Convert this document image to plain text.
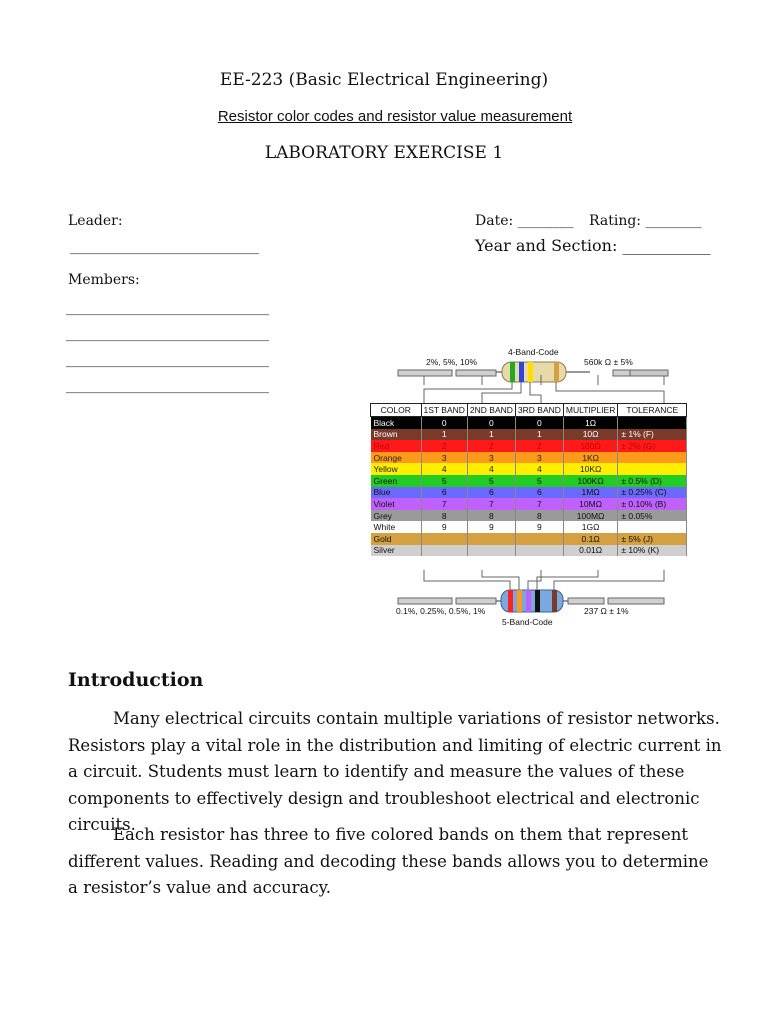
EE-223 (Basic Electrical Engineering)
Resistor color codes and resistor value measurement
LABORATORY EXERCISE 1
Leader:
___________________________
Date: ________ Rating: ________
Year and Section: ___________
Members:
_____________________________
_____________________________
_____________________________
_____________________________
4-Band-Code
2%, 5%, 10%	560k Ω ± 5%
COLOR	1ST BAND	2ND BAND	3RD BAND	MULTIPLIER	TOLERANCE
Black	0	0	0	1Ω	
Brown	1	1	1	10Ω	± 1% (F)
Red	2	2	2	100Ω	± 2% (G)
Orange	3	3	3	1KΩ	
Yellow	4	4	4	10KΩ	
Green	5	5	5	100KΩ	± 0.5% (D)
Blue	6	6	6	1MΩ	± 0.25% (C)
Violet	7	7	7	10MΩ	± 0.10% (B)
Grey	8	8	8	100MΩ	± 0.05%
White	9	9	9	1GΩ	
Gold				0.1Ω	± 5% (J)
Silver				0.01Ω	± 10% (K)
0.1%, 0.25%, 0.5%, 1%	237 Ω ± 1%
5-Band-Code
Introduction

Many electrical circuits contain multiple variations of resistor networks. Resistors play a vital role in the distribution and limiting of electric current in a circuit. Students must learn to identify and measure the values of these components to effectively design and troubleshoot electrical and electronic circuits.

Each resistor has three to five colored bands on them that represent different values. Reading and decoding these bands allows you to determine a resistor’s value and accuracy.
